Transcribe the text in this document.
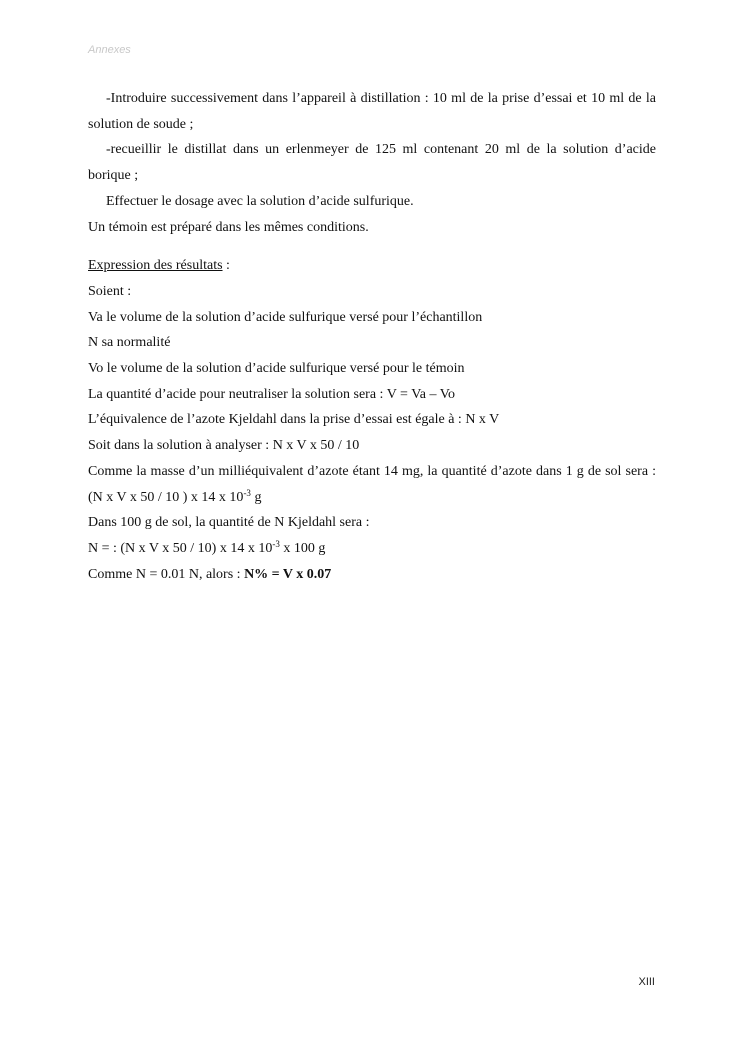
Annexes

-Introduire successivement dans l’appareil à distillation : 10 ml de la prise d’essai et 10 ml de la solution de soude ;

-recueillir le distillat dans un erlenmeyer de 125 ml contenant 20 ml de la solution d’acide borique ;

Effectuer le dosage avec la solution d’acide sulfurique.

Un témoin est préparé dans les mêmes conditions.

Expression des résultats :

Soient :

Va le volume de la solution d’acide sulfurique versé pour l’échantillon

N sa normalité

Vo le volume de la solution d’acide sulfurique versé pour le témoin

La quantité d’acide pour neutraliser la solution sera : V = Va – Vo

L’équivalence de l’azote Kjeldahl dans la prise d’essai est égale à : N x V

Soit dans la solution à analyser : N x V x 50 / 10

Comme la masse d’un milliéquivalent d’azote étant 14 mg, la quantité d’azote dans 1 g de sol sera : (N x V x 50 / 10 ) x 14 x $10^{-3}$ g

Dans 100 g de sol, la quantité de N Kjeldahl sera :

N = : (N x V x 50 / 10) x 14 x $10^{-3}$ x 100 g

Comme N = 0.01 N, alors : N% = V x 0.07

XIII
